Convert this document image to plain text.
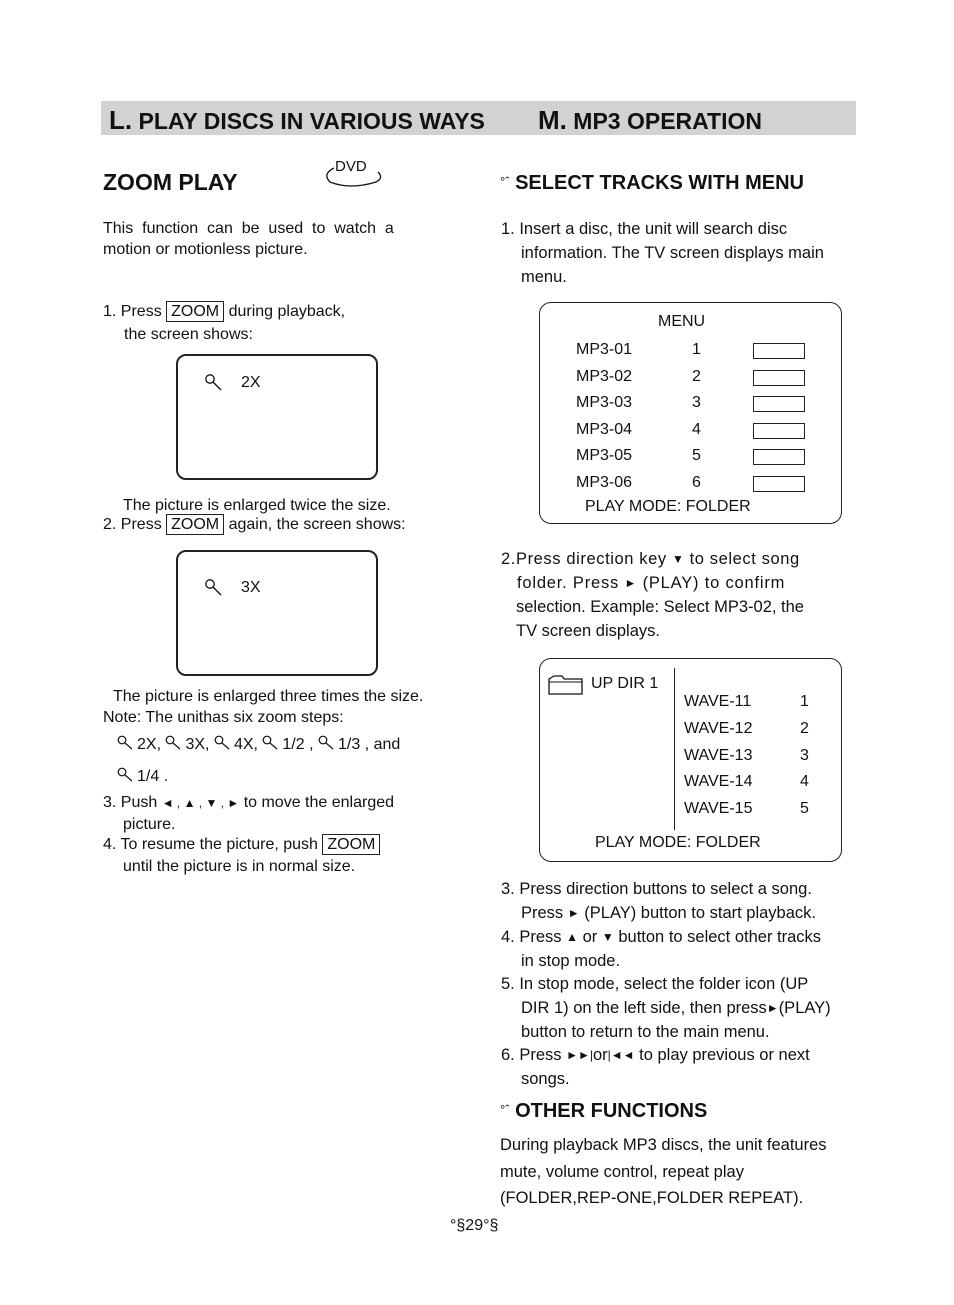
L. PLAY DISCS IN VARIOUS WAYS M. MP3 OPERATION
ZOOM PLAY
DVD
This  function  can  be  used  to  watch  a
motion or motionless picture.
1. Press ZOOM during playback,
the screen shows:
2X
The picture is enlarged twice the size.
2. Press ZOOM again, the screen shows:
3X
The picture is enlarged three times the size.
Note: The unithas six zoom steps:
2X, 3X, 4X, 1/2 , 1/3 , and
1/4 .
3. Push ◄ , ▲ , ▼ , ► to move the enlarged
picture.
4. To resume the picture, push ZOOM
until the picture is in normal size.
°ˆ SELECT TRACKS WITH MENU
1. Insert a disc, the unit will search disc
information. The TV screen displays main
menu.
MENU
MP3-01	1
MP3-02	2
MP3-03	3
MP3-04	4
MP3-05	5
MP3-06	6
PLAY MODE: FOLDER
2.Press direction key ▼ to select song
folder. Press ► (PLAY) to confirm
selection. Example: Select MP3-02, the
TV screen displays.
UP DIR 1
WAVE-11	1
WAVE-12	2
WAVE-13	3
WAVE-14	4
WAVE-15	5
PLAY MODE: FOLDER
3. Press direction buttons to select a song.
Press ► (PLAY) button to start playback.
4. Press ▲ or ▼ button to select other tracks
in stop mode.
5. In stop mode, select the folder icon (UP
DIR 1) on the left side, then press►(PLAY)
button to return to the main menu.
6. Press ►►|or|◄◄ to play previous or next
songs.
°ˆ OTHER FUNCTIONS
During playback MP3 discs, the unit features
mute, volume control, repeat play
(FOLDER,REP-ONE,FOLDER REPEAT).
°§29°§
